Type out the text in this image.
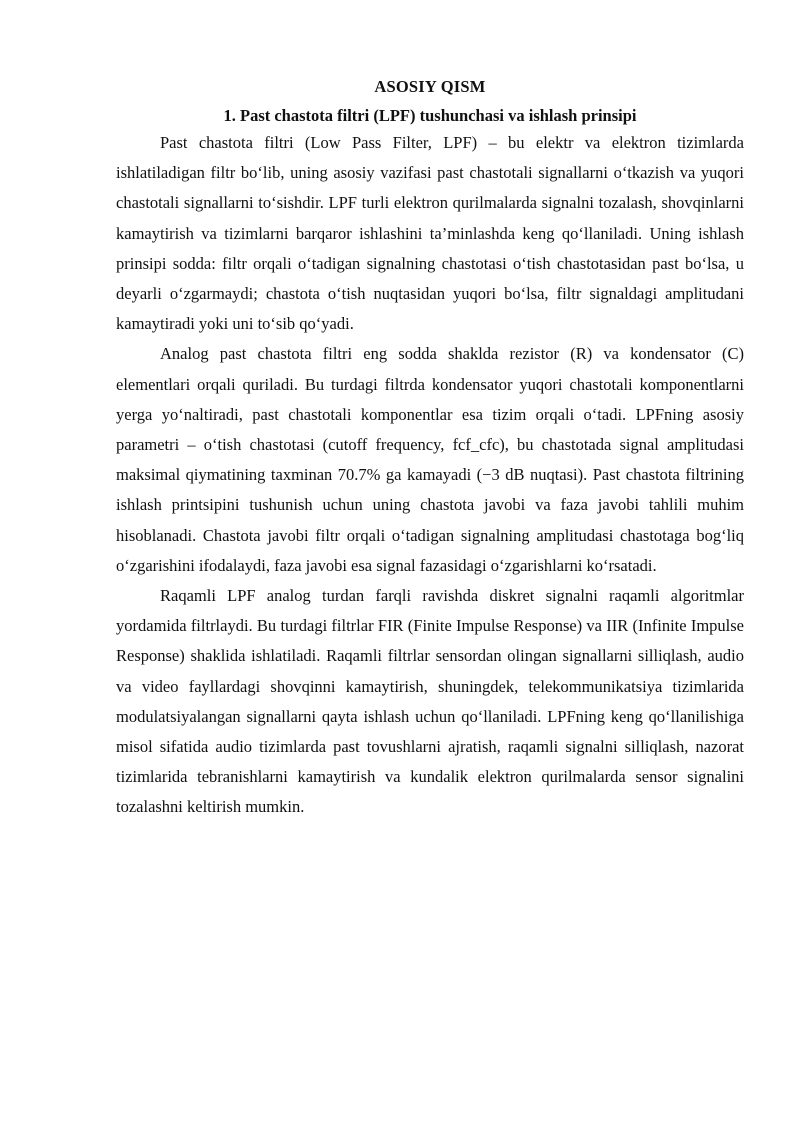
ASOSIY QISM
1. Past chastota filtri (LPF) tushunchasi va ishlash prinsipi

Past chastota filtri (Low Pass Filter, LPF) – bu elektr va elektron tizimlarda ishlatiladigan filtr bo‘lib, uning asosiy vazifasi past chastotali signallarni o‘tkazish va yuqori chastotali signallarni to‘sishdir. LPF turli elektron qurilmalarda signalni tozalash, shovqinlarni kamaytirish va tizimlarni barqaror ishlashini ta’minlashda keng qo‘llaniladi. Uning ishlash prinsipi sodda: filtr orqali o‘tadigan signalning chastotasi o‘tish chastotasidan past bo‘lsa, u deyarli o‘zgarmaydi; chastota o‘tish nuqtasidan yuqori bo‘lsa, filtr signaldagi amplitudani kamaytiradi yoki uni to‘sib qo‘yadi.

Analog past chastota filtri eng sodda shaklda rezistor (R) va kondensator (C) elementlari orqali quriladi. Bu turdagi filtrda kondensator yuqori chastotali komponentlarni yerga yo‘naltiradi, past chastotali komponentlar esa tizim orqali o‘tadi. LPFning asosiy parametri – o‘tish chastotasi (cutoff frequency, fcf_cfc), bu chastotada signal amplitudasi maksimal qiymatining taxminan 70.7% ga kamayadi (−3 dB nuqtasi). Past chastota filtrining ishlash printsipini tushunish uchun uning chastota javobi va faza javobi tahlili muhim hisoblanadi. Chastota javobi filtr orqali o‘tadigan signalning amplitudasi chastotaga bog‘liq o‘zgarishini ifodalaydi, faza javobi esa signal fazasidagi o‘zgarishlarni ko‘rsatadi.

Raqamli LPF analog turdan farqli ravishda diskret signalni raqamli algoritmlar yordamida filtrlaydi. Bu turdagi filtrlar FIR (Finite Impulse Response) va IIR (Infinite Impulse Response) shaklida ishlatiladi. Raqamli filtrlar sensordan olingan signallarni silliqlash, audio va video fayllardagi shovqinni kamaytirish, shuningdek, telekommunikatsiya tizimlarida modulatsiyalangan signallarni qayta ishlash uchun qo‘llaniladi. LPFning keng qo‘llanilishiga misol sifatida audio tizimlarda past tovushlarni ajratish, raqamli signalni silliqlash, nazorat tizimlarida tebranishlarni kamaytirish va kundalik elektron qurilmalarda sensor signalini tozalashni keltirish mumkin.
